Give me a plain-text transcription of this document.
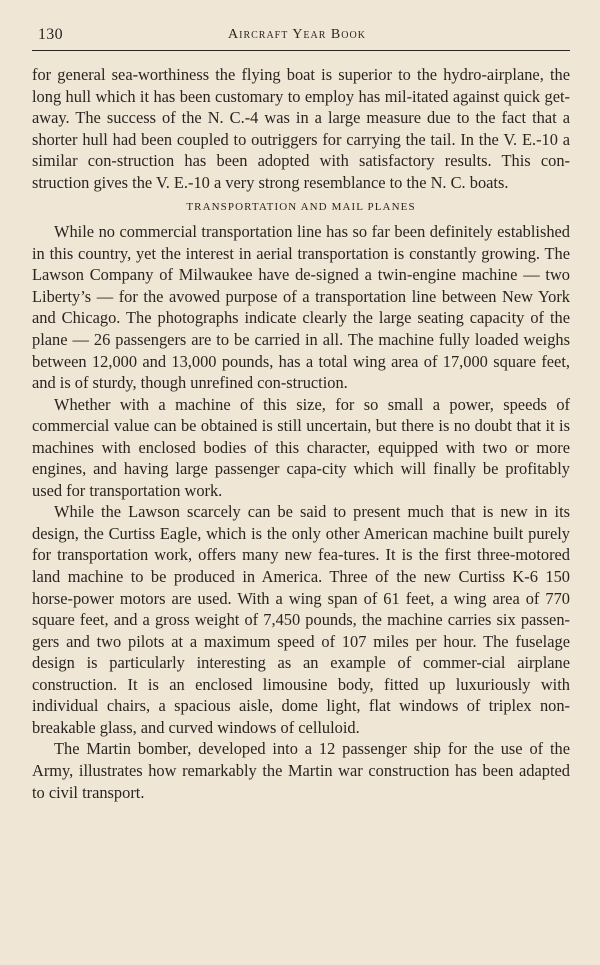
130	Aircraft Year Book

for general sea-worthiness the flying boat is superior to the hydro-airplane, the long hull which it has been customary to employ has mil-itated against quick get-away. The success of the N. C.-4 was in a large measure due to the fact that a shorter hull had been coupled to outriggers for carrying the tail. In the V. E.-10 a similar con-struction has been adopted with satisfactory results. This con-struction gives the V. E.-10 a very strong resemblance to the N. C. boats.

TRANSPORTATION AND MAIL PLANES

While no commercial transportation line has so far been definitely established in this country, yet the interest in aerial transportation is constantly growing. The Lawson Company of Milwaukee have de-signed a twin-engine machine — two Liberty’s — for the avowed purpose of a transportation line between New York and Chicago. The photographs indicate clearly the large seating capacity of the plane — 26 passengers are to be carried in all. The machine fully loaded weighs between 12,000 and 13,000 pounds, has a total wing area of 17,000 square feet, and is of sturdy, though unrefined con-struction.

Whether with a machine of this size, for so small a power, speeds of commercial value can be obtained is still uncertain, but there is no doubt that it is machines with enclosed bodies of this character, equipped with two or more engines, and having large passenger capa-city which will finally be profitably used for transportation work.

While the Lawson scarcely can be said to present much that is new in its design, the Curtiss Eagle, which is the only other American machine built purely for transportation work, offers many new fea-tures. It is the first three-motored land machine to be produced in America. Three of the new Curtiss K-6 150 horse-power motors are used. With a wing span of 61 feet, a wing area of 770 square feet, and a gross weight of 7,450 pounds, the machine carries six passen-gers and two pilots at a maximum speed of 107 miles per hour. The fuselage design is particularly interesting as an example of commer-cial airplane construction. It is an enclosed limousine body, fitted up luxuriously with individual chairs, a spacious aisle, dome light, flat windows of triplex non-breakable glass, and curved windows of celluloid.

The Martin bomber, developed into a 12 passenger ship for the use of the Army, illustrates how remarkably the Martin war construction has been adapted to civil transport.
